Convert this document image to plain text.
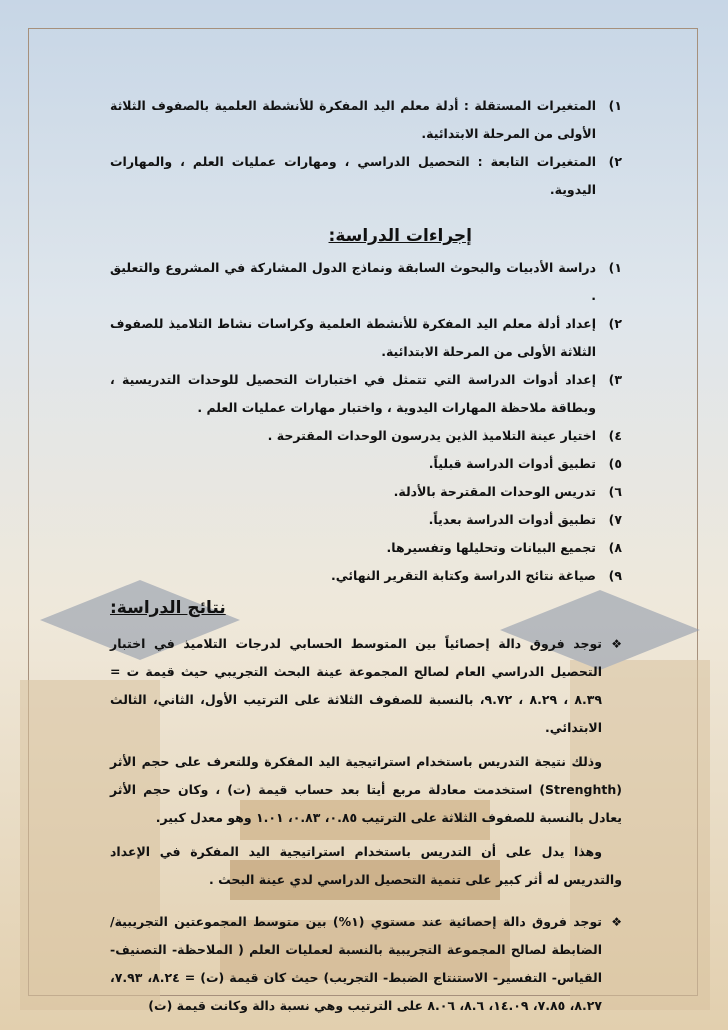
١)
المتغيرات المستقلة : أدلة معلم اليد المفكرة للأنشطة العلمية بالصفوف الثلاثة الأولى من المرحلة الابتدائية.
٢)
المتغيرات التابعة : التحصيل الدراسي ، ومهارات عمليات العلم ، والمهارات اليدوية.
إجراءات الدراسة:
١)
دراسة الأدبيات والبحوث السابقة ونماذج الدول المشاركة في المشروع والتعليق .
٢)
إعداد أدلة معلم اليد المفكرة للأنشطة العلمية وكراسات نشاط التلاميذ للصفوف الثلاثة الأولى من المرحلة الابتدائية.
٣)
إعداد أدوات الدراسة التي تتمثل في اختبارات التحصيل للوحدات التدريسية ، وبطاقة ملاحظة المهارات اليدوية ، واختبار مهارات عمليات العلم .
٤)
اختيار عينة التلاميذ الذين يدرسون الوحدات المقترحة .
٥)
تطبيق أدوات الدراسة قبلياً.
٦)
تدريس الوحدات المقترحة بالأدلة.
٧)
تطبيق أدوات الدراسة بعدياً.
٨)
تجميع البيانات وتحليلها وتفسيرها.
٩)
صياغة نتائج الدراسة وكتابة التقرير النهائي.
نتائج الدراسة:
❖
توجد فروق دالة إحصائياً بين المتوسط الحسابي لدرجات التلاميذ في اختبار التحصيل الدراسي العام لصالح المجموعة عينة البحث التجريبي حيث قيمة ت = ٨.٣٩ ، ٨.٢٩ ، ٩.٧٢، بالنسبة للصفوف الثلاثة على الترتيب الأول، الثاني، الثالث الابتدائي.
وذلك نتيجة التدريس باستخدام استراتيجية اليد المفكرة وللتعرف على حجم الأثر (Strenghth) استخدمت معادلة مربع أيتا بعد حساب قيمة (ت) ، وكان حجم الأثر يعادل بالنسبة للصفوف الثلاثة على الترتيب ٠.٨٥، ٠.٨٣، ١.٠١ وهو معدل كبير.
وهذا يدل على أن التدريس باستخدام استراتيجية اليد المفكرة في الإعداد والتدريس له أثر كبير على تنمية التحصيل الدراسي لدي عينة البحث .
❖
توجد فروق دالة إحصائية عند مستوي (١%) بين متوسط المجموعتين التجريبية/ الضابطة لصالح المجموعة التجريبية بالنسبة لعمليات العلم ( الملاحظة- التصنيف- القياس- التفسير- الاستنتاج الضبط- التجريب) حيث كان قيمة (ت) = ٨.٢٤، ٧.٩٣، ٨.٢٧، ٧.٨٥، ١٤.٠٩، ٨.٦، ٨.٠٦ على الترتيب وهي نسبة دالة وكانت قيمة (ت)
